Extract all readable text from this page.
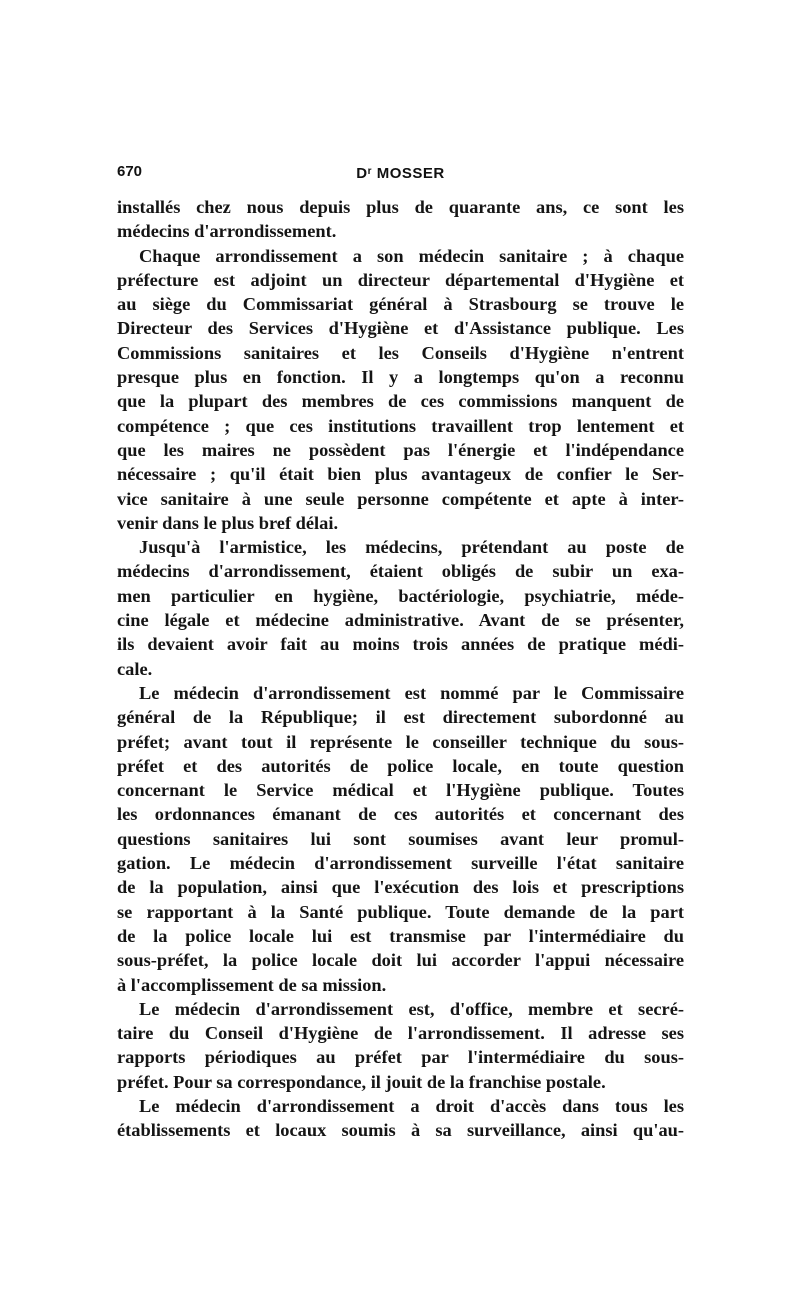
670	$D^r$ MOSSER

installés chez nous depuis plus de quarante ans, ce sont les
médecins d'arrondissement.

Chaque arrondissement a son médecin sanitaire ; à chaque
préfecture est adjoint un directeur départemental d'Hygiène et
au siège du Commissariat général à Strasbourg se trouve le
Directeur des Services d'Hygiène et d'Assistance publique. Les
Commissions sanitaires et les Conseils d'Hygiène n'entrent
presque plus en fonction. Il y a longtemps qu'on a reconnu
que la plupart des membres de ces commissions manquent de
compétence ; que ces institutions travaillent trop lentement et
que les maires ne possèdent pas l'énergie et l'indépendance
nécessaire ; qu'il était bien plus avantageux de confier le Ser-
vice sanitaire à une seule personne compétente et apte à inter-
venir dans le plus bref délai.

Jusqu'à l'armistice, les médecins, prétendant au poste de
médecins d'arrondissement, étaient obligés de subir un exa-
men particulier en hygiène, bactériologie, psychiatrie, méde-
cine légale et médecine administrative. Avant de se présenter,
ils devaient avoir fait au moins trois années de pratique médi-
cale.

Le médecin d'arrondissement est nommé par le Commissaire
général de la République; il est directement subordonné au
préfet; avant tout il représente le conseiller technique du sous-
préfet et des autorités de police locale, en toute question
concernant le Service médical et l'Hygiène publique. Toutes
les ordonnances émanant de ces autorités et concernant des
questions sanitaires lui sont soumises avant leur promul-
gation. Le médecin d'arrondissement surveille l'état sanitaire
de la population, ainsi que l'exécution des lois et prescriptions
se rapportant à la Santé publique. Toute demande de la part
de la police locale lui est transmise par l'intermédiaire du
sous-préfet, la police locale doit lui accorder l'appui nécessaire
à l'accomplissement de sa mission.

Le médecin d'arrondissement est, d'office, membre et secré-
taire du Conseil d'Hygiène de l'arrondissement. Il adresse ses
rapports périodiques au préfet par l'intermédiaire du sous-
préfet. Pour sa correspondance, il jouit de la franchise postale.

Le médecin d'arrondissement a droit d'accès dans tous les
établissements et locaux soumis à sa surveillance, ainsi qu'au-
